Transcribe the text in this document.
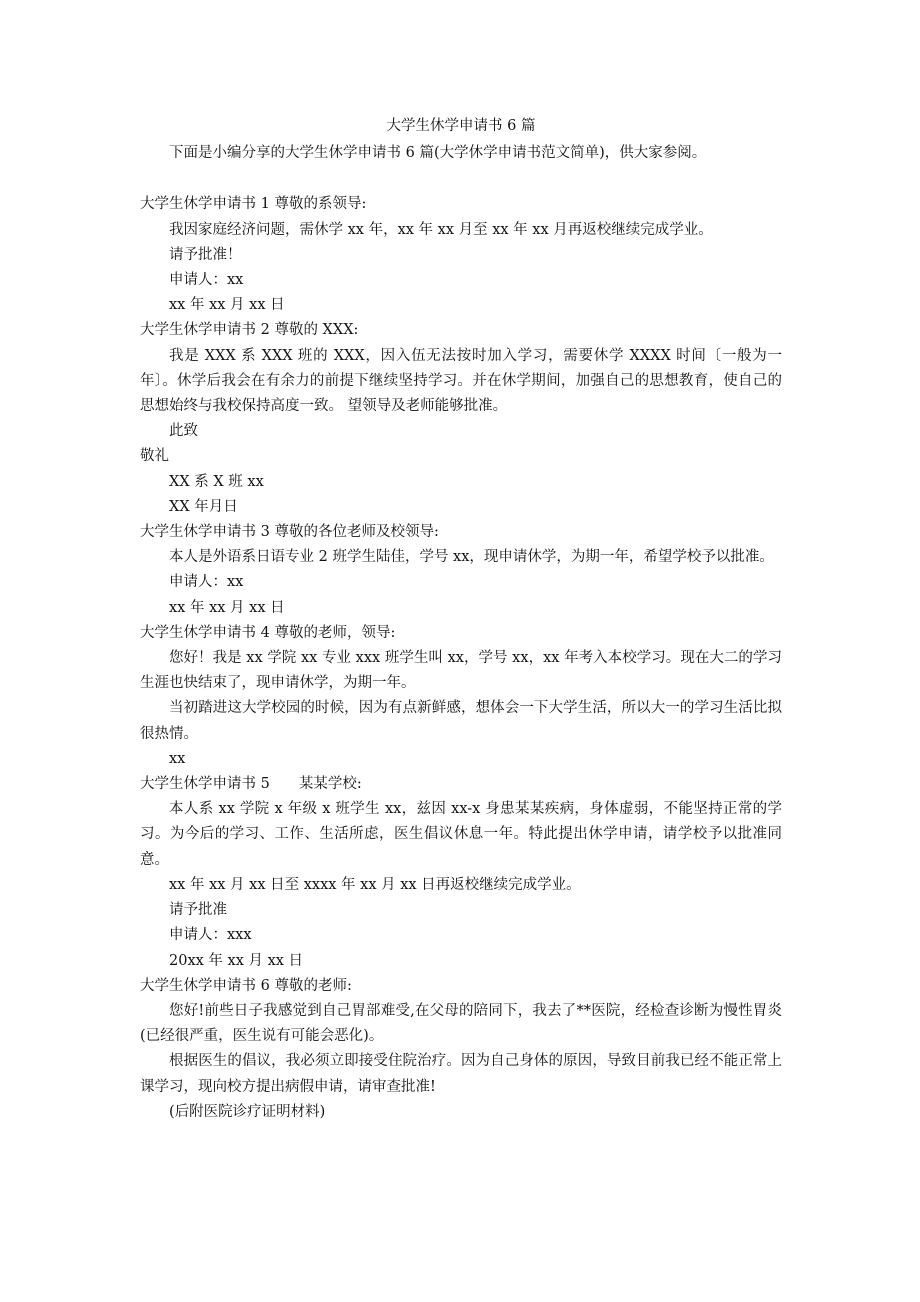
大学生休学申请书 6 篇

下面是小编分享的大学生休学申请书 6 篇(大学休学申请书范文简单)，供大家参阅。

大学生休学申请书 1 尊敬的系领导:

我因家庭经济问题，需休学 xx 年，xx 年 xx 月至 xx 年 xx 月再返校继续完成学业。

请予批准！

申请人：xx

xx 年 xx 月 xx 日

大学生休学申请书 2 尊敬的 XXX:

我是 XXX 系 XXX 班的 XXX，因入伍无法按时加入学习，需要休学 XXXX 时间〔一般为一年〕。休学后我会在有余力的前提下继续坚持学习。并在休学期间，加强自己的思想教育，使自己的思想始终与我校保持高度一致。 望领导及老师能够批准。

此致

敬礼

XX 系 X 班 xx

XX 年月日

大学生休学申请书 3 尊敬的各位老师及校领导:

本人是外语系日语专业 2 班学生陆佳，学号 xx，现申请休学，为期一年，希望学校予以批准。

申请人：xx

xx 年 xx 月 xx 日

大学生休学申请书 4 尊敬的老师，领导:

您好！我是 xx 学院 xx 专业 xxx 班学生叫 xx，学号 xx，xx 年考入本校学习。现在大二的学习生涯也快结束了，现申请休学，为期一年。

当初踏进这大学校园的时候，因为有点新鲜感，想体会一下大学生活，所以大一的学习生活比拟很热情。

xx

大学生休学申请书 5 某某学校:

本人系 xx 学院 x 年级 x 班学生 xx，兹因 xx-x 身患某某疾病，身体虚弱，不能坚持正常的学习。为今后的学习、工作、生活所虑，医生倡议休息一年。特此提出休学申请，请学校予以批准同意。

xx 年 xx 月 xx 日至 xxxx 年 xx 月 xx 日再返校继续完成学业。

请予批准

申请人：xxx

20xx 年 xx 月 xx 日

大学生休学申请书 6 尊敬的老师:

您好!前些日子我感觉到自己胃部难受,在父母的陪同下，我去了**医院，经检查诊断为慢性胃炎(已经很严重，医生说有可能会恶化)。

根据医生的倡议，我必须立即接受住院治疗。因为自己身体的原因，导致目前我已经不能正常上课学习，现向校方提出病假申请，请审查批准!

(后附医院诊疗证明材料)
